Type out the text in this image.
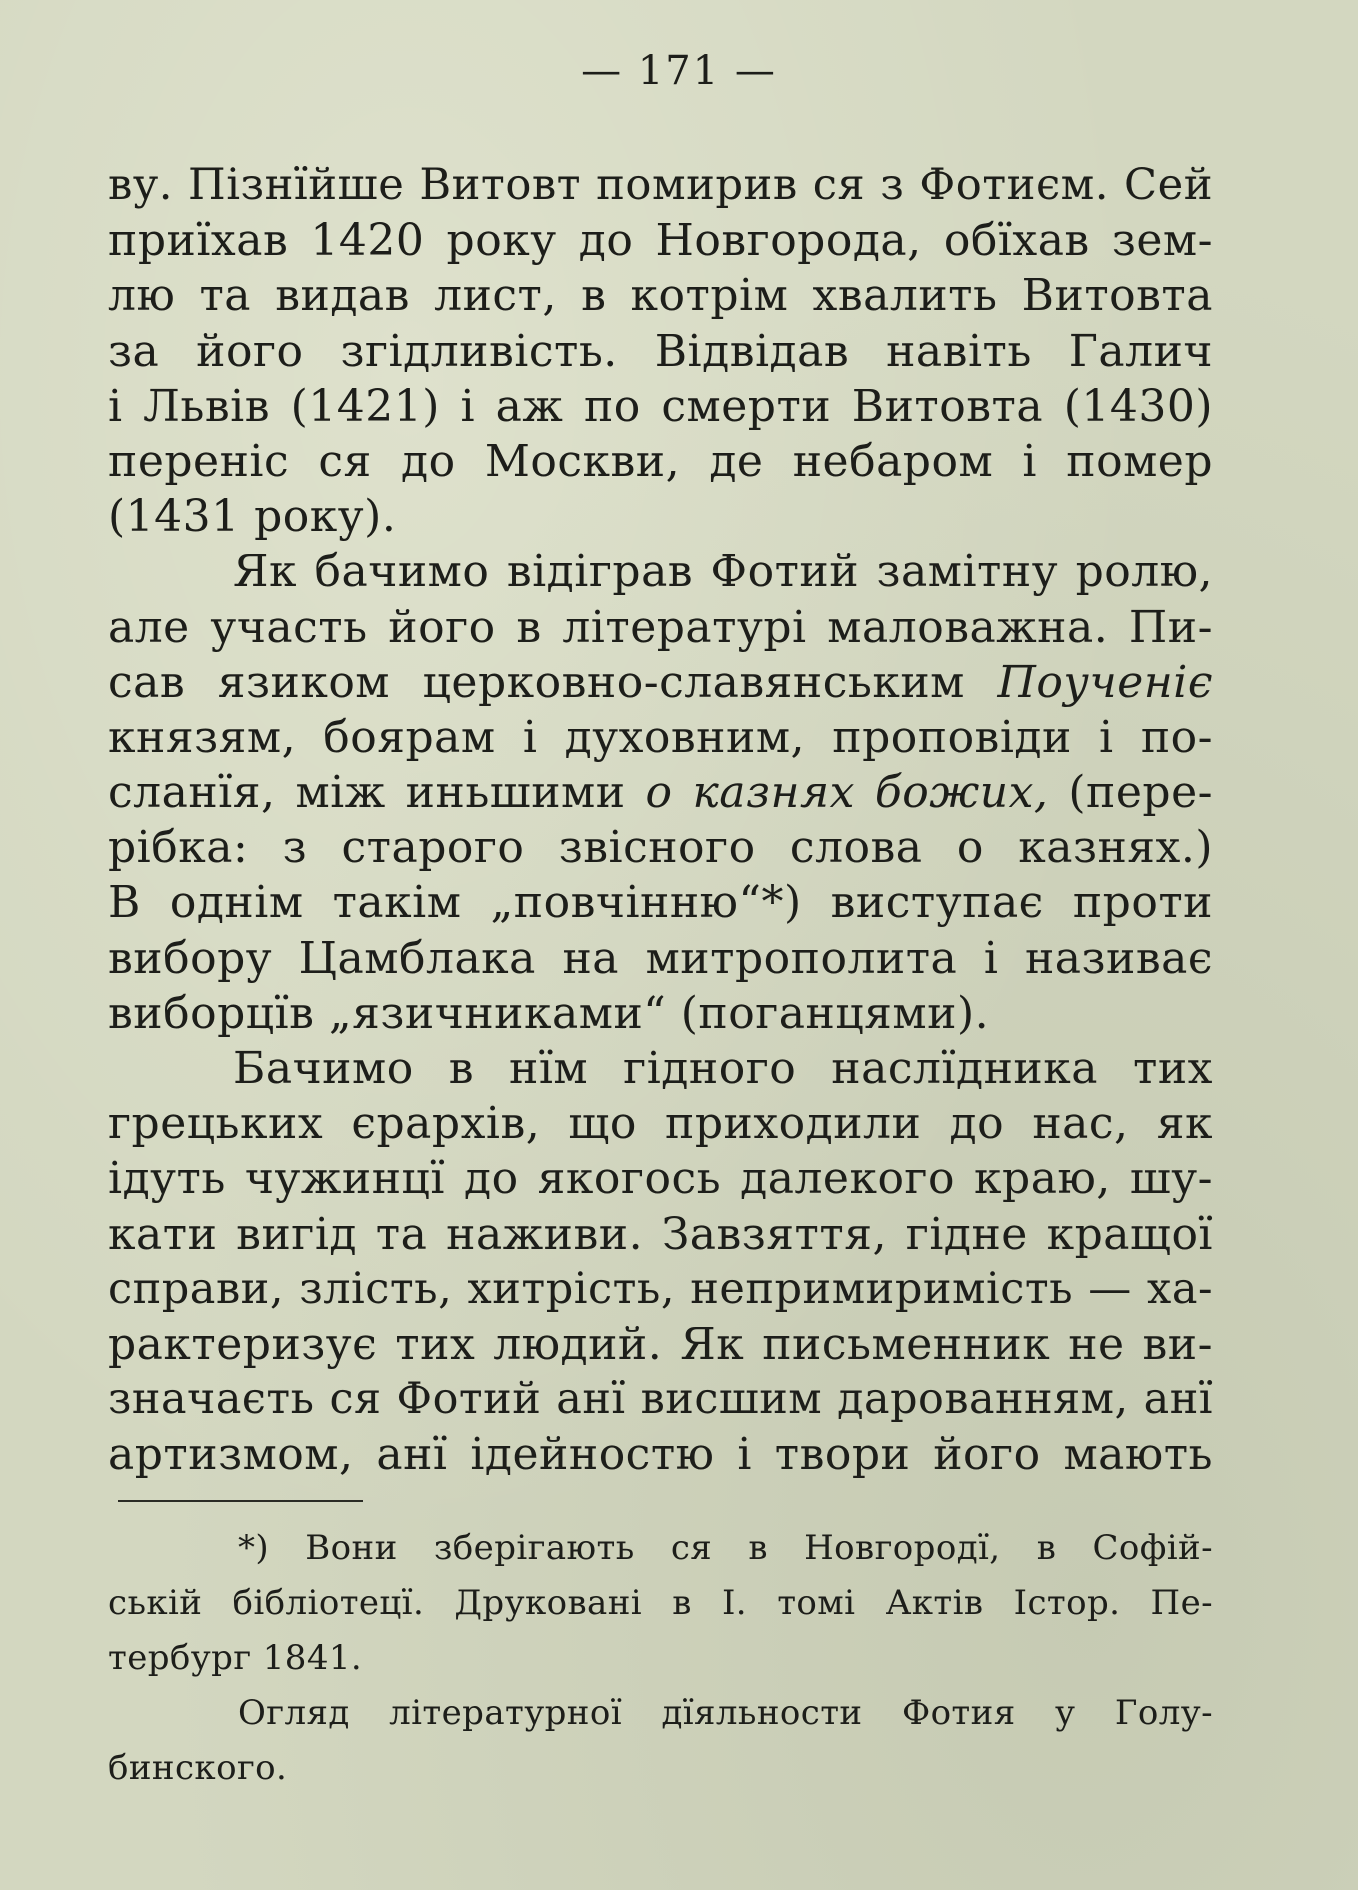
— 171 —
ву. Пізнїйше Витовт помирив ся з Фотиєм. Сей
приїхав 1420 року до Новгорода, обїхав зем-
лю та видав лист, в котрім хвалить Витовта
за його згідливість. Відвідав навіть Галич
і Львів (1421) і аж по смерти Витовта (1430)
переніс ся до Москви, де небаром і помер
(1431 року).
Як бачимо відіграв Фотий замітну ролю,
але участь його в літературі маловажна. Пи-
сав язиком церковно-славянським Поученіє
князям, боярам і духовним, проповіди і по-
сланїя, між иньшими о казнях божих, (пере-
рібка: з старого звісного слова о казнях.)
В однім такім „повчінню“*) виступає проти
вибору Цамблака на митрополита і називає
виборцїв „язичниками“ (поганцями).
Бачимо в нїм гідного наслїдника тих
грецьких єрархів, що приходили до нас, як
ідуть чужинцї до якогось далекого краю, шу-
кати вигід та наживи. Завзяття, гідне кращої
справи, злість, хитрість, непримиримість — ха-
рактеризує тих людий. Як письменник не ви-
значаєть ся Фотий анї висшим дарованням, анї
артизмом, анї ідейностю і твори його мають
*) Вони зберігають ся в Новгородї, в Софій-
ській бібліотецї. Друковані в I. томі Актів Істор. Пе-
тербург 1841.
Огляд літературної дїяльности Фотия у Голу-
бинского.
